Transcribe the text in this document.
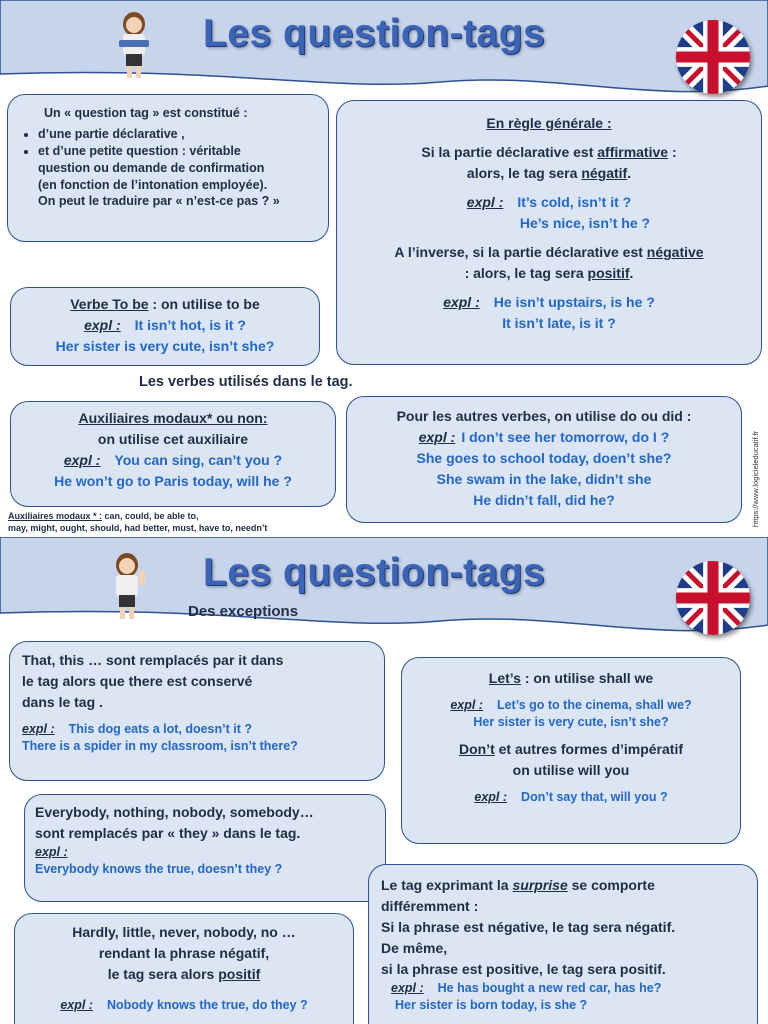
Les question-tags
Un « question tag » est constitué :
• d’une partie déclarative ,
• et d’une petite question : véritable
question ou demande de confirmation
(en fonction de l’intonation employée).
On peut le traduire par « n’est-ce pas ? »
En règle générale :
Si la partie déclarative est affirmative :
alors, le tag sera négatif.
expl : It’s cold, isn’t it ?
He’s nice, isn’t he ?
A l’inverse, si la partie déclarative est négative
: alors, le tag sera positif.
expl : He isn’t upstairs, is he ?
It isn’t late, is it ?
Verbe To be : on utilise to be
expl : It isn’t hot, is it ?
Her sister is very cute, isn’t she?
Les verbes utilisés dans le tag.
Auxiliaires modaux* ou non:
on utilise cet auxiliaire
expl : You can sing, can’t you ?
He won’t go to Paris today, will he ?
Auxiliaires modaux * : can, could, be able to,
may, might, ought, should, had better, must, have to, needn’t
Pour les autres verbes, on utilise do ou did :
expl : I don’t see her tomorrow, do I ?
She goes to school today, doen’t she?
She swam in the lake, didn’t she
He didn’t fall, did he?	https://www.logicieleducatif.fr
Les question-tags
Des exceptions
That, this … sont remplacés par it dans
le tag alors que there est conservé
dans le tag .
expl : This dog eats a lot, doesn’t it ?
There is a spider in my classroom, isn’t there?
Let’s : on utilise shall we
expl : Let’s go to the cinema, shall we?
Her sister is very cute, isn’t she?
Don’t et autres formes d’impératif
on utilise will you
expl : Don’t say that, will you ?
Everybody, nothing, nobody, somebody…
sont remplacés par « they » dans le tag.
expl :
Everybody knows the true, doesn’t they ?
Le tag exprimant la surprise se comporte
différemment :
Si la phrase est négative, le tag sera négatif.
De même,
si la phrase est positive, le tag sera positif.
expl : He has bought a new red car, has he?
Her sister is born today, is she ?
Hardly, little, never, nobody, no …
rendant la phrase négatif,
le tag sera alors positif
expl : Nobody knows the true, do they ?
